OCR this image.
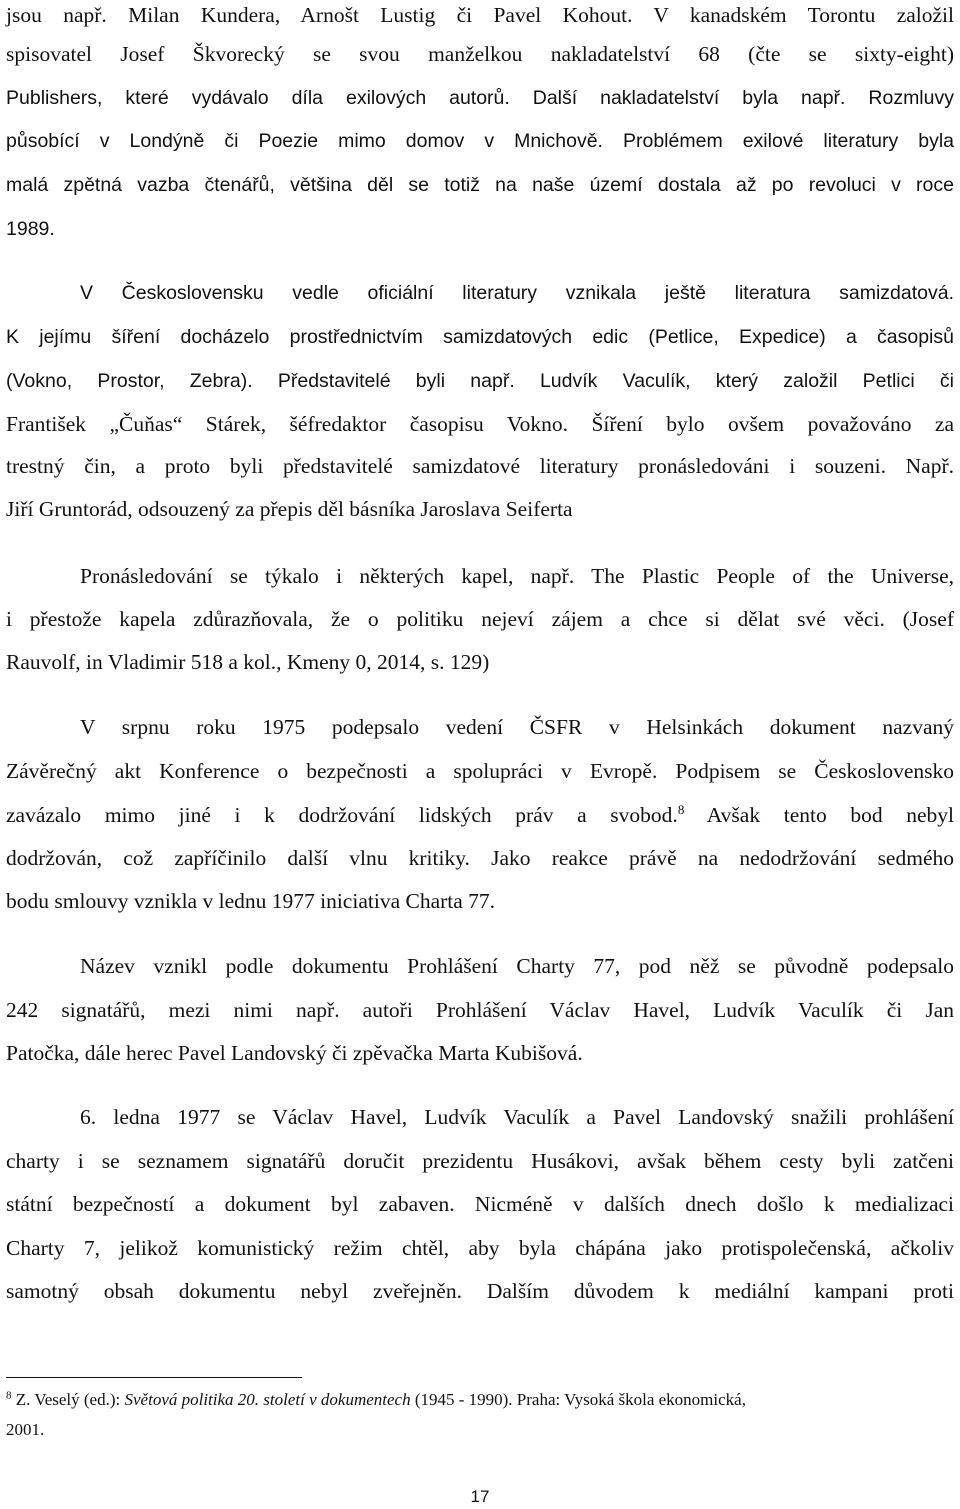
jsou např. Milan Kundera, Arnošt Lustig či Pavel Kohout. V kanadském Torontu založil

spisovatel Josef Škvorecký se svou manželkou nakladatelství 68 (čte se sixty-eight)

Publishers, které vydávalo díla exilových autorů. Další nakladatelství byla např. Rozmluvy

působící v Londýně či Poezie mimo domov v Mnichově. Problémem exilové literatury byla

malá zpětná vazba čtenářů, většina děl se totiž na naše území dostala až po revoluci v roce

1989.

V Československu vedle oficiální literatury vznikala ještě literatura samizdatová.

K jejímu šíření docházelo prostřednictvím samizdatových edic (Petlice, Expedice) a časopisů

(Vokno, Prostor, Zebra). Představitelé byli např. Ludvík Vaculík, který založil Petlici či

František „Čuňas“ Stárek, šéfredaktor časopisu Vokno. Šíření bylo ovšem považováno za

trestný čin, a proto byli představitelé samizdatové literatury pronásledováni i souzeni. Např.

Jiří Gruntorád, odsouzený za přepis děl básníka Jaroslava Seiferta

Pronásledování se týkalo i některých kapel, např. The Plastic People of the Universe,

i přestože kapela zdůrazňovala, že o politiku nejeví zájem a chce si dělat své věci. (Josef

Rauvolf, in Vladimir 518 a kol., Kmeny 0, 2014, s. 129)

V srpnu roku 1975 podepsalo vedení ČSFR v Helsinkách dokument nazvaný

Závěrečný akt Konference o bezpečnosti a spolupráci v Evropě. Podpisem se Československo

zavázalo mimo jiné i k dodržování lidských práv a svobod.$^8$ Avšak tento bod nebyl

dodržován, což zapříčinilo další vlnu kritiky. Jako reakce právě na nedodržování sedmého

bodu smlouvy vznikla v lednu 1977 iniciativa Charta 77.

Název vznikl podle dokumentu Prohlášení Charty 77, pod něž se původně podepsalo

242 signatářů, mezi nimi např. autoři Prohlášení Václav Havel, Ludvík Vaculík či Jan

Patočka, dále herec Pavel Landovský či zpěvačka Marta Kubišová.

6. ledna 1977 se Václav Havel, Ludvík Vaculík a Pavel Landovský snažili prohlášení

charty i se seznamem signatářů doručit prezidentu Husákovi, avšak během cesty byli zatčeni

státní bezpečností a dokument byl zabaven. Nicméně v dalších dnech došlo k medializaci

Charty 7, jelikož komunistický režim chtěl, aby byla chápána jako protispolečenská, ačkoliv

samotný obsah dokumentu nebyl zveřejněn. Dalším důvodem k mediální kampani proti

$^8$ Z. Veselý (ed.): Světová politika 20. století v dokumentech (1945 - 1990). Praha: Vysoká škola ekonomická,

2001.

17
